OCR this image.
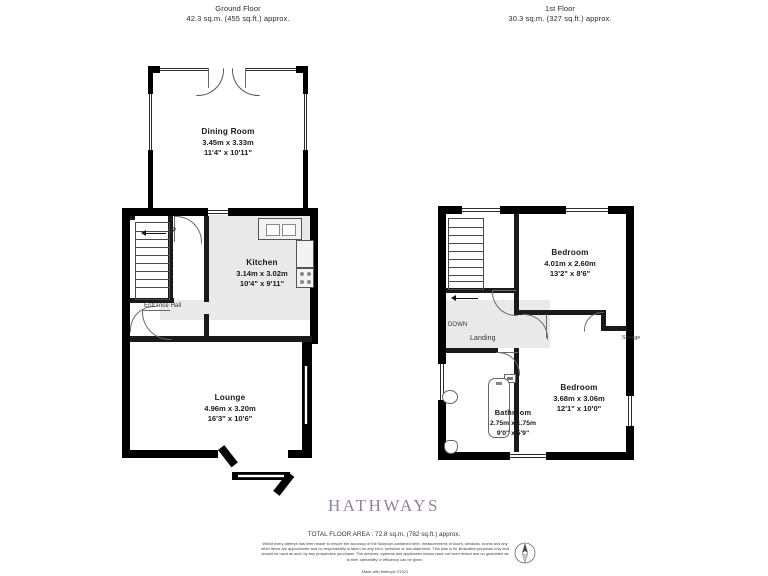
Ground Floor
42.3 sq.m. (455 sq.ft.) approx.
1st Floor
30.3 sq.m. (327 sq.ft.) approx.
Dining Room
3.45m x 3.33m
11'4" x 10'11"
UP
Entrance Hall
Kitchen
3.14m x 3.02m
10'4" x 9'11"
Lounge
4.96m x 3.20m
16'3" x 10'6"
DOWN
Landing	Storage
Bathroom
2.75m x 1.75m
9'0" x 5'9"
Bedroom
4.01m x 2.60m
13'2" x 8'6"
Bedroom
3.68m x 3.06m
12'1" x 10'0"
HATHWAYS
TOTAL FLOOR AREA : 72.8 sq.m. (782 sq.ft.) approx.
Whilst every attempt has been made to ensure the accuracy of the floorplan contained here, measurements of doors, windows, rooms and any other items are approximate and no responsibility is taken for any error, omission or mis-statement. This plan is for illustrative purposes only and should be used as such by any prospective purchaser. The services, systems and appliances shown have not been tested and no guarantee as to their operability or efficiency can be given.
Made with Metropix ©2021
